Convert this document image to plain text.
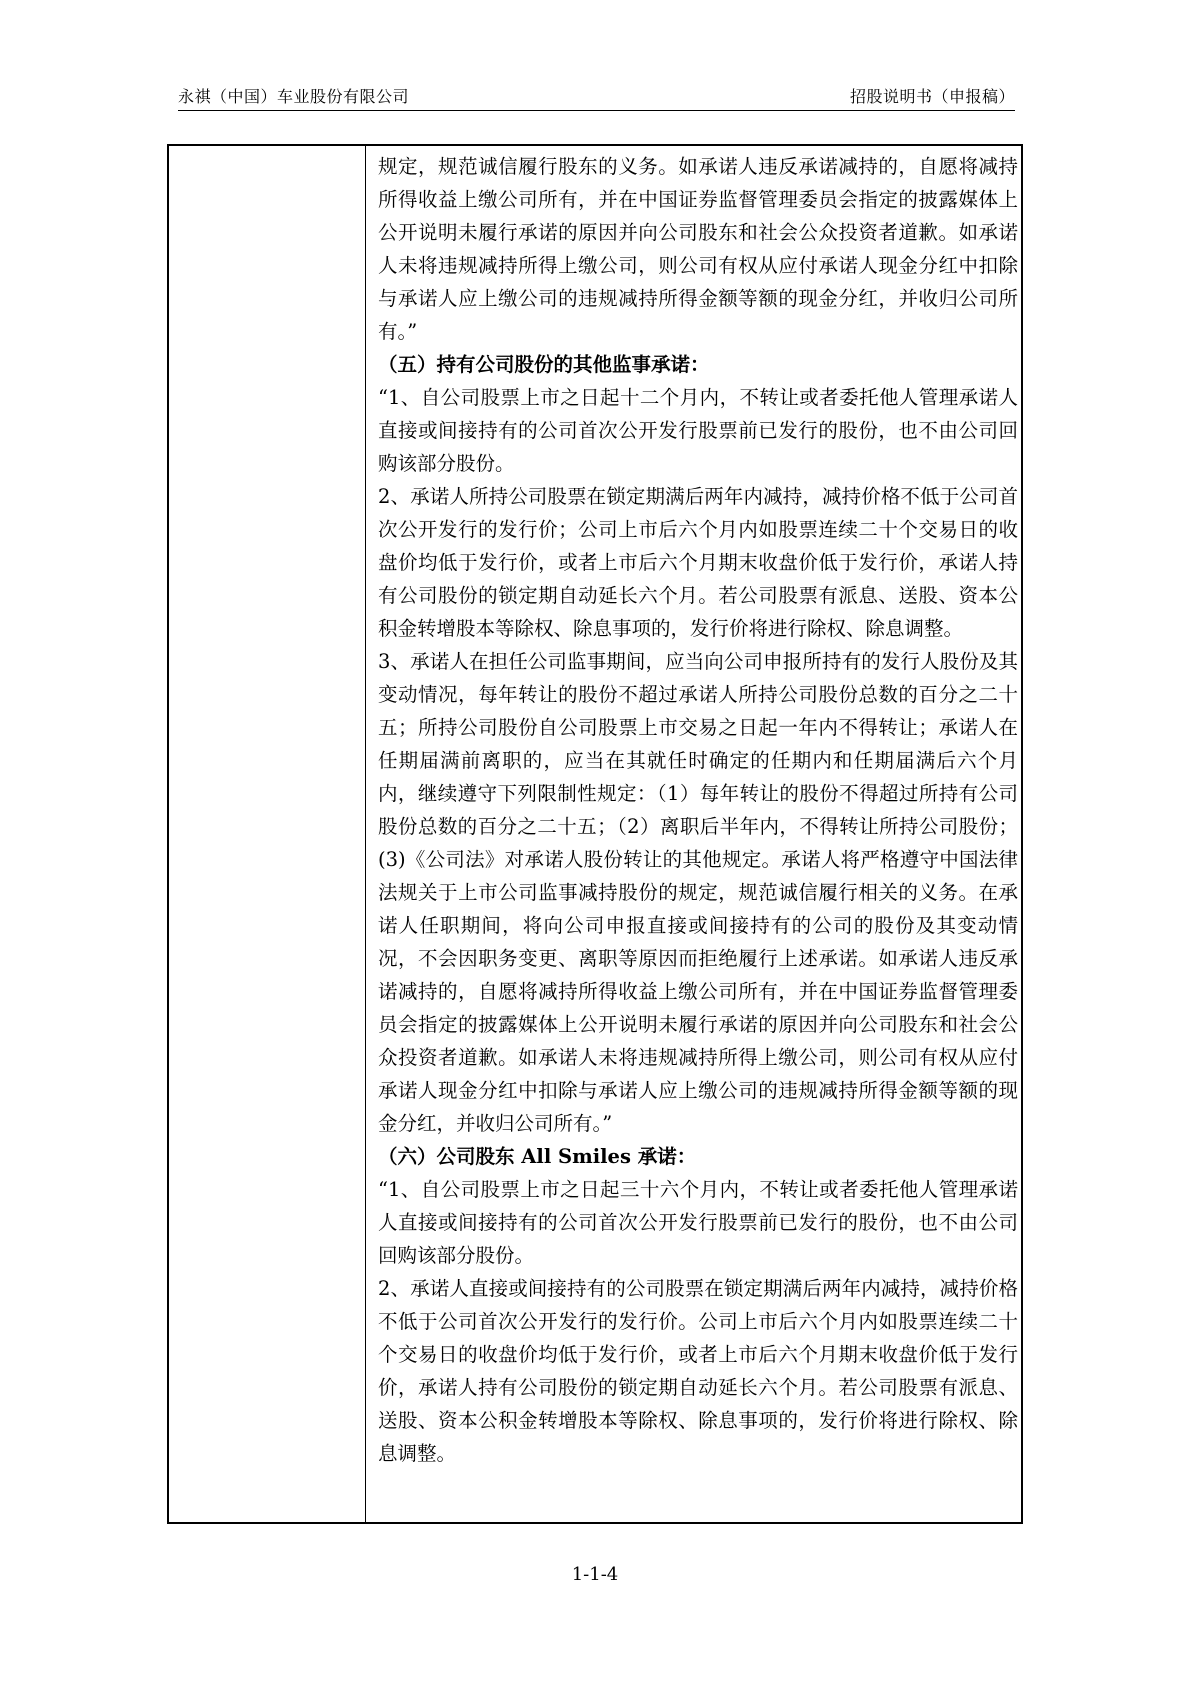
永祺（中国）车业股份有限公司	招股说明书（申报稿）

规定，规范诚信履行股东的义务。如承诺人违反承诺减持的，自愿将减持所得收益上缴公司所有，并在中国证券监督管理委员会指定的披露媒体上公开说明未履行承诺的原因并向公司股东和社会公众投资者道歉。如承诺人未将违规减持所得上缴公司，则公司有权从应付承诺人现金分红中扣除与承诺人应上缴公司的违规减持所得金额等额的现金分红，并收归公司所有。”

（五）持有公司股份的其他监事承诺：

“1、自公司股票上市之日起十二个月内，不转让或者委托他人管理承诺人直接或间接持有的公司首次公开发行股票前已发行的股份，也不由公司回购该部分股份。

2、承诺人所持公司股票在锁定期满后两年内减持，减持价格不低于公司首次公开发行的发行价；公司上市后六个月内如股票连续二十个交易日的收盘价均低于发行价，或者上市后六个月期末收盘价低于发行价，承诺人持有公司股份的锁定期自动延长六个月。若公司股票有派息、送股、资本公积金转增股本等除权、除息事项的，发行价将进行除权、除息调整。

3、承诺人在担任公司监事期间，应当向公司申报所持有的发行人股份及其变动情况，每年转让的股份不超过承诺人所持公司股份总数的百分之二十五；所持公司股份自公司股票上市交易之日起一年内不得转让；承诺人在任期届满前离职的，应当在其就任时确定的任期内和任期届满后六个月内，继续遵守下列限制性规定：（1）每年转让的股份不得超过所持有公司股份总数的百分之二十五；（2）离职后半年内，不得转让所持公司股份；(3)《公司法》对承诺人股份转让的其他规定。承诺人将严格遵守中国法律法规关于上市公司监事减持股份的规定，规范诚信履行相关的义务。在承诺人任职期间，将向公司申报直接或间接持有的公司的股份及其变动情况，不会因职务变更、离职等原因而拒绝履行上述承诺。如承诺人违反承诺减持的，自愿将减持所得收益上缴公司所有，并在中国证券监督管理委员会指定的披露媒体上公开说明未履行承诺的原因并向公司股东和社会公众投资者道歉。如承诺人未将违规减持所得上缴公司，则公司有权从应付承诺人现金分红中扣除与承诺人应上缴公司的违规减持所得金额等额的现金分红，并收归公司所有。”

（六）公司股东 All Smiles 承诺：

“1、自公司股票上市之日起三十六个月内，不转让或者委托他人管理承诺人直接或间接持有的公司首次公开发行股票前已发行的股份，也不由公司回购该部分股份。

2、承诺人直接或间接持有的公司股票在锁定期满后两年内减持，减持价格不低于公司首次公开发行的发行价。公司上市后六个月内如股票连续二十个交易日的收盘价均低于发行价，或者上市后六个月期末收盘价低于发行价，承诺人持有公司股份的锁定期自动延长六个月。若公司股票有派息、送股、资本公积金转增股本等除权、除息事项的，发行价将进行除权、除息调整。

1-1-4
